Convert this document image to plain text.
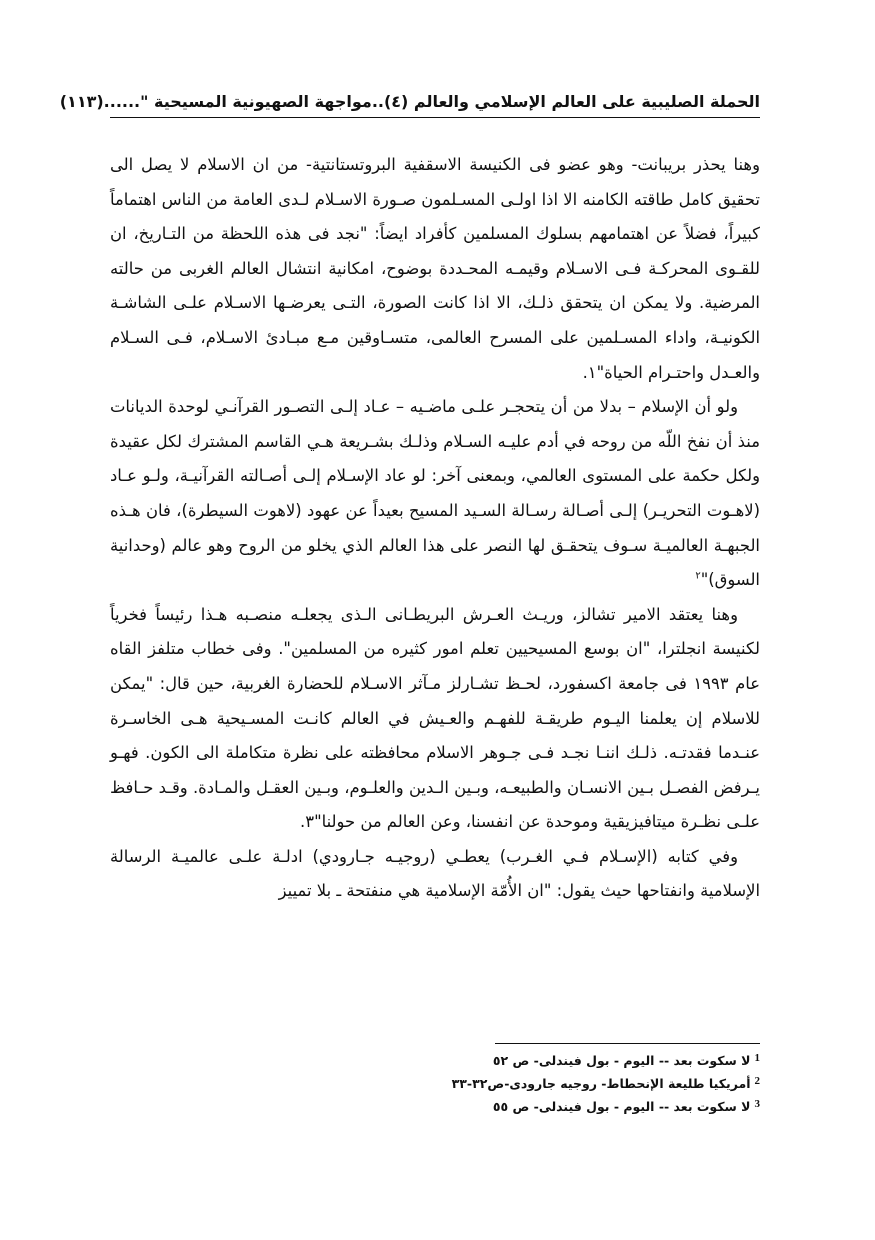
الحملة الصليبية على العالم الإسلامي والعالم (٤)..مواجهة الصهيونية المسيحية "......
(١١٣)

وهنا يحذر بريبانت- وهو عضو فى الكنيسة الاسقفية البروتستانتية- من ان الاسلام لا يصل الى تحقيق كامل طاقته الكامنه الا اذا اولـى المسـلمون صـورة الاسـلام لـدى العامة من الناس اهتماماً كبيراً، فضلاً عن اهتمامهم بسلوك المسلمين كأفراد ايضاً: "نجد فى هذه اللحظة من التـاريخ، ان للقـوى المحركـة فـى الاسـلام وقيمـه المحـددة بوضوح، امكانية انتشال العالم الغربى من حالته المرضية. ولا يمكن ان يتحقق ذلـك، الا اذا كانت الصورة، التـى يعرضـها الاسـلام علـى الشاشـة الكونيـة، واداء المسـلمين على المسرح العالمى، متسـاوقين مـع مبـادئ الاسـلام، فـى السـلام والعـدل واحتـرام الحياة"١.

ولو أن الإسلام – بدلا من أن يتحجـر علـى ماضـيه – عـاد إلـى التصـور القرآنـي لوحدة الديانات منذ أن نفخ اللّه من روحه في أدم عليـه السـلام وذلـك بشـريعة هـي القاسم المشترك لكل عقيدة ولكل حكمة على المستوى العالمي، وبمعنى آخر: لو عاد الإسـلام إلـى أصـالته القرآنيـة، ولـو عـاد (لاهـوت التحريـر) إلـى أصـالة رسـالة السـيد المسيح بعيداً عن عهود (لاهوت السيطرة)، فان هـذه الجبهـة العالميـة سـوف يتحقـق لها النصر على هذا العالم الذي يخلو من الروح وهو عالم (وحدانية السوق)"$^٢$

وهنا يعتقد الامير تشالز، وريـث العـرش البريطـانى الـذى يجعلـه منصـبه هـذا رئيساً فخرياً لكنيسة انجلترا، "ان بوسع المسيحيين تعلم امور كثيره من المسلمين". وفى خطاب متلفز القاه عام ١٩٩٣ فى جامعة اكسفورد، لحـظ تشـارلز مـآثر الاسـلام للحضارة الغربية، حين قال: "يمكن للاسلام إن يعلمنا اليـوم طريقـة للفهـم والعـيش في العالم كانـت المسـيحية هـى الخاسـرة عنـدما فقدتـه. ذلـك اننـا نجـد فـى جـوهر الاسلام محافظته على نظرة متكاملة الى الكون. فهـو يـرفض الفصـل بـين الانسـان والطبيعـه، وبـين الـدين والعلـوم، وبـين العقـل والمـادة. وقـد حـافظ علـى نظـرة ميتافيزيقية وموحدة عن انفسنا، وعن العالم من حولنا"٣.

وفي كتابه (الإسـلام فـي الغـرب) يعطـي (روجيـه جـارودي) ادلـة علـى عالميـة الرسالة الإسلامية وانفتاحها حيث يقول: "ان الأُمّة الإسلامية هي منفتحة ـ بلا تمييز

1
لا سكوت بعد -- اليوم - بول فيندلى- ص ٥٢
2
أمريكيا طليعة الإنحطاط- روجيه جارودى-ص٣٢-٣٣
3
لا سكوت بعد -- اليوم - بول فيندلى- ص ٥٥
